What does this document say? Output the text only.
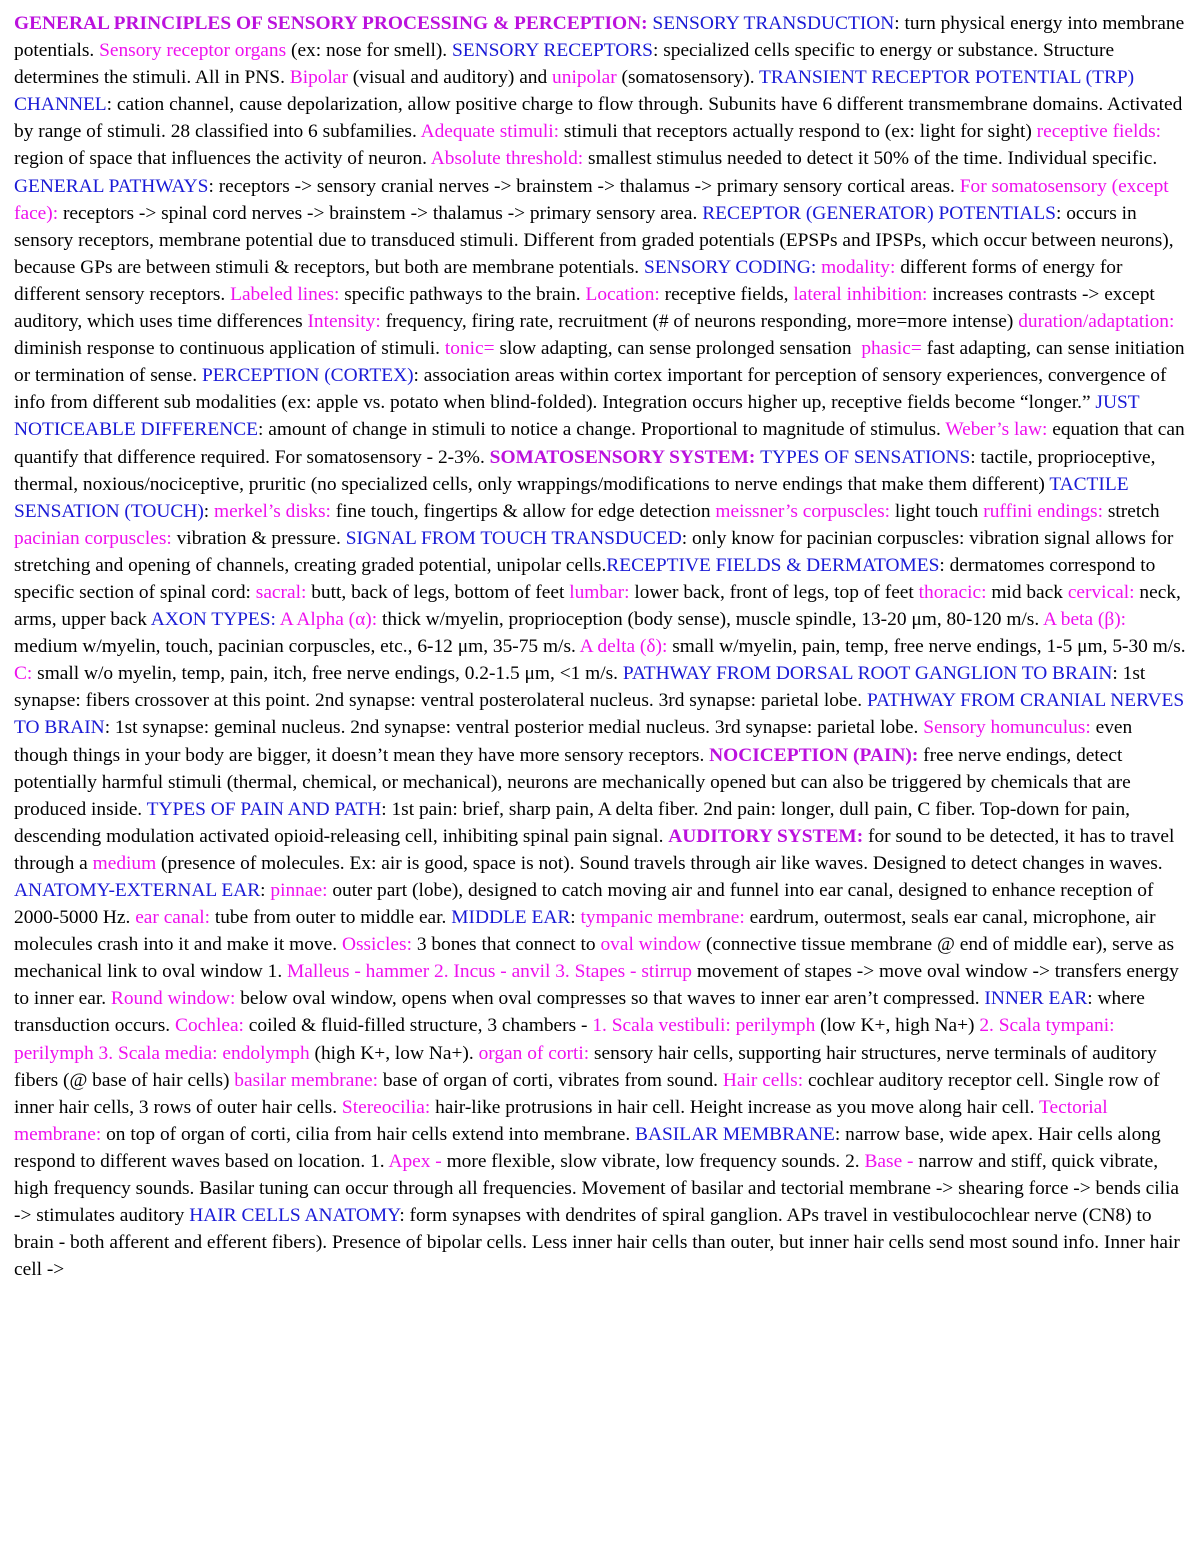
GENERAL PRINCIPLES OF SENSORY PROCESSING & PERCEPTION: SENSORY TRANSDUCTION: turn physical energy into membrane potentials. Sensory receptor organs (ex: nose for smell). SENSORY RECEPTORS: specialized cells specific to energy or substance. Structure determines the stimuli. All in PNS. Bipolar (visual and auditory) and unipolar (somatosensory). TRANSIENT RECEPTOR POTENTIAL (TRP) CHANNEL: cation channel, cause depolarization, allow positive charge to flow through. Subunits have 6 different transmembrane domains. Activated by range of stimuli. 28 classified into 6 subfamilies. Adequate stimuli: stimuli that receptors actually respond to (ex: light for sight) receptive fields: region of space that influences the activity of neuron. Absolute threshold: smallest stimulus needed to detect it 50% of the time. Individual specific. GENERAL PATHWAYS: receptors -> sensory cranial nerves -> brainstem -> thalamus -> primary sensory cortical areas. For somatosensory (except face): receptors -> spinal cord nerves -> brainstem -> thalamus -> primary sensory area. RECEPTOR (GENERATOR) POTENTIALS: occurs in sensory receptors, membrane potential due to transduced stimuli. Different from graded potentials (EPSPs and IPSPs, which occur between neurons), because GPs are between stimuli & receptors, but both are membrane potentials. SENSORY CODING: modality: different forms of energy for different sensory receptors. Labeled lines: specific pathways to the brain. Location: receptive fields, lateral inhibition: increases contrasts -> except auditory, which uses time differences Intensity: frequency, firing rate, recruitment (# of neurons responding, more=more intense) duration/adaptation: diminish response to continuous application of stimuli. tonic= slow adapting, can sense prolonged sensation  phasic= fast adapting, can sense initiation or termination of sense. PERCEPTION (CORTEX): association areas within cortex important for perception of sensory experiences, convergence of info from different sub modalities (ex: apple vs. potato when blind-folded). Integration occurs higher up, receptive fields become “longer.” JUST NOTICEABLE DIFFERENCE: amount of change in stimuli to notice a change. Proportional to magnitude of stimulus. Weber’s law: equation that can quantify that difference required. For somatosensory - 2-3%. SOMATOSENSORY SYSTEM: TYPES OF SENSATIONS: tactile, proprioceptive, thermal, noxious/nociceptive, pruritic (no specialized cells, only wrappings/modifications to nerve endings that make them different) TACTILE SENSATION (TOUCH): merkel’s disks: fine touch, fingertips & allow for edge detection meissner’s corpuscles: light touch ruffini endings: stretch pacinian corpuscles: vibration & pressure. SIGNAL FROM TOUCH TRANSDUCED: only know for pacinian corpuscles: vibration signal allows for stretching and opening of channels, creating graded potential, unipolar cells.RECEPTIVE FIELDS & DERMATOMES: dermatomes correspond to specific section of spinal cord: sacral: butt, back of legs, bottom of feet lumbar: lower back, front of legs, top of feet thoracic: mid back cervical: neck, arms, upper back AXON TYPES: A Alpha (α): thick w/myelin, proprioception (body sense), muscle spindle, 13-20 μm, 80-120 m/s. A beta (β): medium w/myelin, touch, pacinian corpuscles, etc., 6-12 μm, 35-75 m/s. A delta (δ): small w/myelin, pain, temp, free nerve endings, 1-5 μm, 5-30 m/s. C: small w/o myelin, temp, pain, itch, free nerve endings, 0.2-1.5 μm, <1 m/s. PATHWAY FROM DORSAL ROOT GANGLION TO BRAIN: 1st synapse: fibers crossover at this point. 2nd synapse: ventral posterolateral nucleus. 3rd synapse: parietal lobe. PATHWAY FROM CRANIAL NERVES TO BRAIN: 1st synapse: geminal nucleus. 2nd synapse: ventral posterior medial nucleus. 3rd synapse: parietal lobe. Sensory homunculus: even though things in your body are bigger, it doesn’t mean they have more sensory receptors. NOCICEPTION (PAIN): free nerve endings, detect potentially harmful stimuli (thermal, chemical, or mechanical), neurons are mechanically opened but can also be triggered by chemicals that are produced inside. TYPES OF PAIN AND PATH: 1st pain: brief, sharp pain, A delta fiber. 2nd pain: longer, dull pain, C fiber. Top-down for pain, descending modulation activated opioid-releasing cell, inhibiting spinal pain signal. AUDITORY SYSTEM: for sound to be detected, it has to travel through a medium (presence of molecules. Ex: air is good, space is not). Sound travels through air like waves. Designed to detect changes in waves. ANATOMY-EXTERNAL EAR: pinnae: outer part (lobe), designed to catch moving air and funnel into ear canal, designed to enhance reception of 2000-5000 Hz. ear canal: tube from outer to middle ear. MIDDLE EAR: tympanic membrane: eardrum, outermost, seals ear canal, microphone, air molecules crash into it and make it move. Ossicles: 3 bones that connect to oval window (connective tissue membrane @ end of middle ear), serve as mechanical link to oval window 1. Malleus - hammer 2. Incus - anvil 3. Stapes - stirrup movement of stapes -> move oval window -> transfers energy to inner ear. Round window: below oval window, opens when oval compresses so that waves to inner ear aren’t compressed. INNER EAR: where transduction occurs. Cochlea: coiled & fluid-filled structure, 3 chambers - 1. Scala vestibuli: perilymph (low K+, high Na+) 2. Scala tympani: perilymph 3. Scala media: endolymph (high K+, low Na+). organ of corti: sensory hair cells, supporting hair structures, nerve terminals of auditory fibers (@ base of hair cells) basilar membrane: base of organ of corti, vibrates from sound. Hair cells: cochlear auditory receptor cell. Single row of inner hair cells, 3 rows of outer hair cells. Stereocilia: hair-like protrusions in hair cell. Height increase as you move along hair cell. Tectorial membrane: on top of organ of corti, cilia from hair cells extend into membrane. BASILAR MEMBRANE: narrow base, wide apex. Hair cells along respond to different waves based on location. 1. Apex - more flexible, slow vibrate, low frequency sounds. 2. Base - narrow and stiff, quick vibrate, high frequency sounds. Basilar tuning can occur through all frequencies. Movement of basilar and tectorial membrane -> shearing force -> bends cilia -> stimulates auditory HAIR CELLS ANATOMY: form synapses with dendrites of spiral ganglion. APs travel in vestibulocochlear nerve (CN8) to brain - both afferent and efferent fibers). Presence of bipolar cells. Less inner hair cells than outer, but inner hair cells send most sound info. Inner hair cell ->
